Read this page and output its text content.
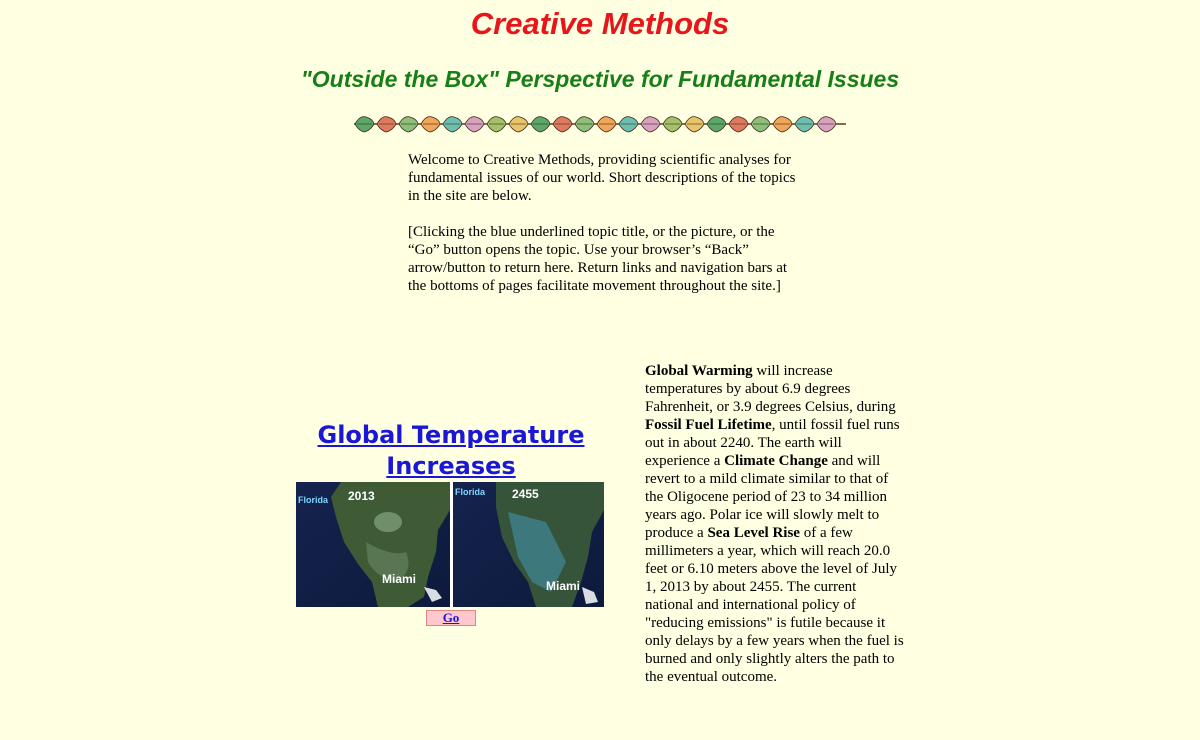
Creative Methods
"Outside the Box" Perspective for Fundamental Issues

Welcome to Creative Methods, providing scientific analyses for fundamental issues of our world. Short descriptions of the topics in the site are below.

[Clicking the blue underlined topic title, or the picture, or the “Go” button opens the topic. Use your browser’s “Back” arrow/button to return here. Return links and navigation bars at the bottoms of pages facilitate movement throughout the site.]

Global Temperature
Increases
Florida 2013
Miami
Florida 2455
Miami
Go
Global Warming will increase temperatures by about 6.9 degrees Fahrenheit, or 3.9 degrees Celsius, during Fossil Fuel Lifetime, until fossil fuel runs out in about 2240. The earth will experience a Climate Change and will revert to a mild climate similar to that of the Oligocene period of 23 to 34 million years ago. Polar ice will slowly melt to produce a Sea Level Rise of a few millimeters a year, which will reach 20.0 feet or 6.10 meters above the level of July 1, 2013 by about 2455. The current national and international policy of "reducing emissions" is futile because it only delays by a few years when the fuel is burned and only slightly alters the path to the eventual outcome.
